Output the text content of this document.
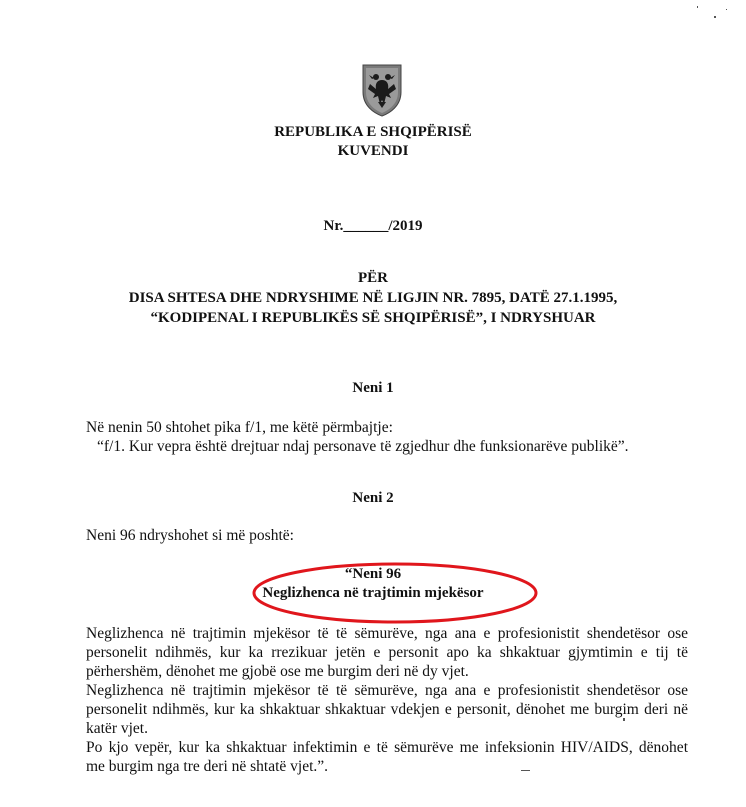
REPUBLIKA E SHQIPËRISË
KUVENDI
Nr.______/2019
PËR
DISA SHTESA DHE NDRYSHIME NË LIGJIN NR. 7895, DATË 27.1.1995,
“KODIPENAL I REPUBLIKËS SË SHQIPËRISË”, I NDRYSHUAR
Neni 1
Në nenin 50 shtohet pika f/1, me këtë përmbajtje:
“f/1. Kur vepra është drejtuar ndaj personave të zgjedhur dhe funksionarëve publikë”.
Neni 2
Neni 96 ndryshohet si më poshtë:
“Neni 96
Neglizhenca në trajtimin mjekësor
Neglizhenca në trajtimin mjekësor të të sëmurëve, nga ana e profesionistit shendetësor ose
personelit ndihmës, kur ka rrezikuar jetën e personit apo ka shkaktuar gjymtimin e tij të
përhershëm, dënohet me gjobë ose me burgim deri në dy vjet.
Neglizhenca në trajtimin mjekësor të të sëmurëve, nga ana e profesionistit shendetësor ose
personelit ndihmës, kur ka shkaktuar shkaktuar vdekjen e personit, dënohet me burgim deri në
katër vjet.
Po kjo vepër, kur ka shkaktuar infektimin e të sëmurëve me infeksionin HIV/AIDS, dënohet
me burgim nga tre deri në shtatë vjet.”.
